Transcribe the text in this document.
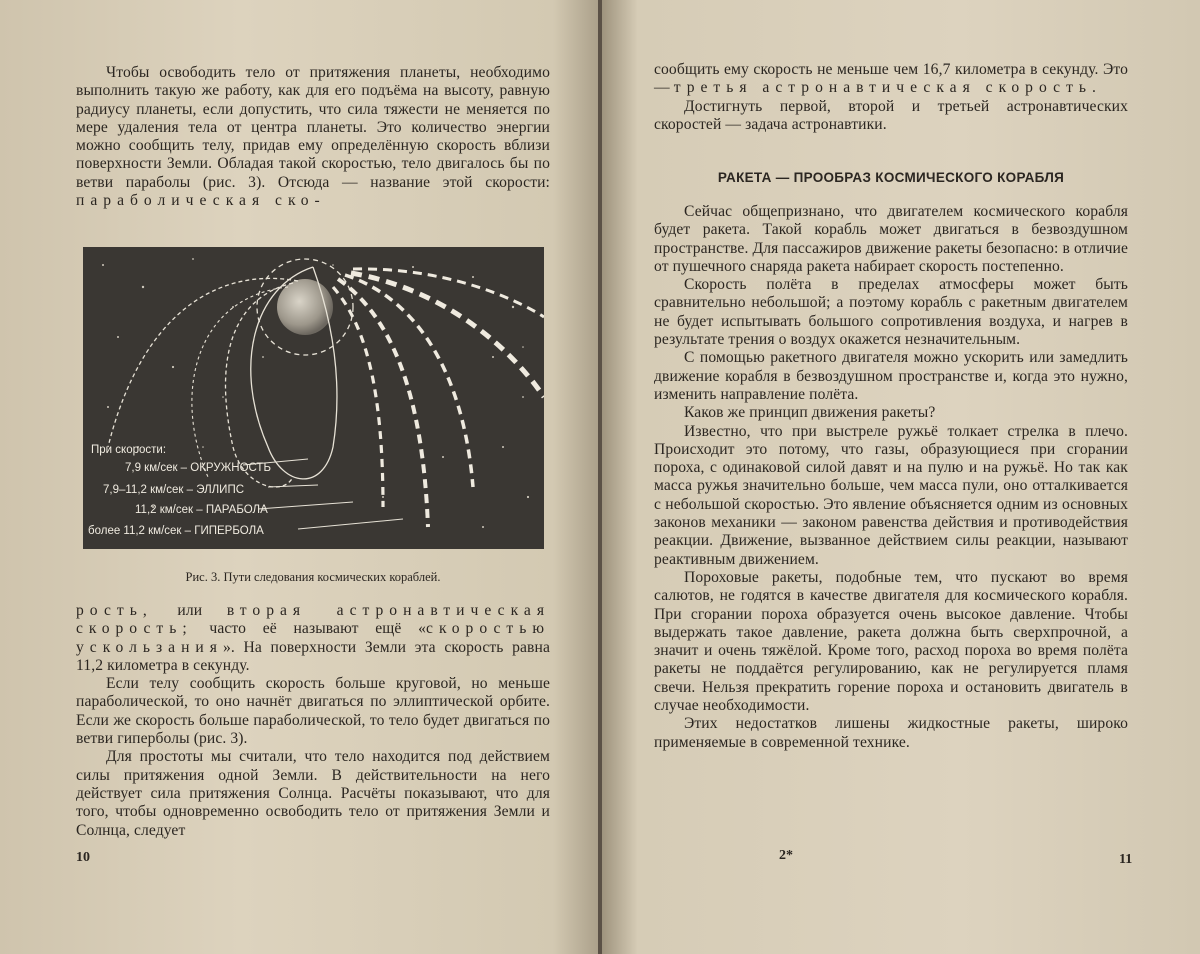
Чтобы освободить тело от притяжения планеты, необходимо выполнить такую же работу, как для его подъёма на высоту, равную радиусу планеты, если допустить, что сила тяжести не меняется по мере удаления тела от центра планеты. Это количество энергии можно сообщить телу, придав ему определённую скорость вблизи поверхности Земли. Обладая такой скоростью, тело двигалось бы по ветви параболы (рис. 3). Отсюда — название этой скорости: параболическая ско-

При скорости:
7,9 км/сек – ОКРУЖНОСТЬ
7,9–11,2 км/сек – ЭЛЛИПС
11,2 км/сек – ПАРАБОЛА
более 11,2 км/сек – ГИПЕРБОЛА
Рис. 3. Пути следования космических кораблей.

рость, или вторая астронавтическая скорость; часто её называют ещё «скоростью ускользания». На поверхности Земли эта скорость равна 11,2 километра в секунду.

Если телу сообщить скорость больше круговой, но меньше параболической, то оно начнёт двигаться по эллиптической орбите. Если же скорость больше параболической, то тело будет двигаться по ветви гиперболы (рис. 3).

Для простоты мы считали, что тело находится под действием силы притяжения одной Земли. В действительности на него действует сила притяжения Солнца. Расчёты показывают, что для того, чтобы одновременно освободить тело от притяжения Земли и Солнца, следует

10

сообщить ему скорость не меньше чем 16,7 километра в секунду. Это — третья астронавтическая скорость.

Достигнуть первой, второй и третьей астронавтических скоростей — задача астронавтики.

РАКЕТА — ПРООБРАЗ КОСМИЧЕСКОГО КОРАБЛЯ

Сейчас общепризнано, что двигателем космического корабля будет ракета. Такой корабль может двигаться в безвоздушном пространстве. Для пассажиров движение ракеты безопасно: в отличие от пушечного снаряда ракета набирает скорость постепенно.

Скорость полёта в пределах атмосферы может быть сравнительно небольшой; а поэтому корабль с ракетным двигателем не будет испытывать большого сопротивления воздуха, и нагрев в результате трения о воздух окажется незначительным.

С помощью ракетного двигателя можно ускорить или замедлить движение корабля в безвоздушном пространстве и, когда это нужно, изменить направление полёта.

Каков же принцип движения ракеты?

Известно, что при выстреле ружьё толкает стрелка в плечо. Происходит это потому, что газы, образующиеся при сгорании пороха, с одинаковой силой давят и на пулю и на ружьё. Но так как масса ружья значительно больше, чем масса пули, оно отталкивается с небольшой скоростью. Это явление объясняется одним из основных законов механики — законом равенства действия и противодействия реакции. Движение, вызванное действием силы реакции, называют реактивным движением.

Пороховые ракеты, подобные тем, что пускают во время салютов, не годятся в качестве двигателя для космического корабля. При сгорании пороха образуется очень высокое давление. Чтобы выдержать такое давление, ракета должна быть сверхпрочной, а значит и очень тяжёлой. Кроме того, расход пороха во время полёта ракеты не поддаётся регулированию, как не регулируется пламя свечи. Нельзя прекратить горение пороха и остановить двигатель в случае необходимости.

Этих недостатков лишены жидкостные ракеты, широко применяемые в современной технике.

2*	11
